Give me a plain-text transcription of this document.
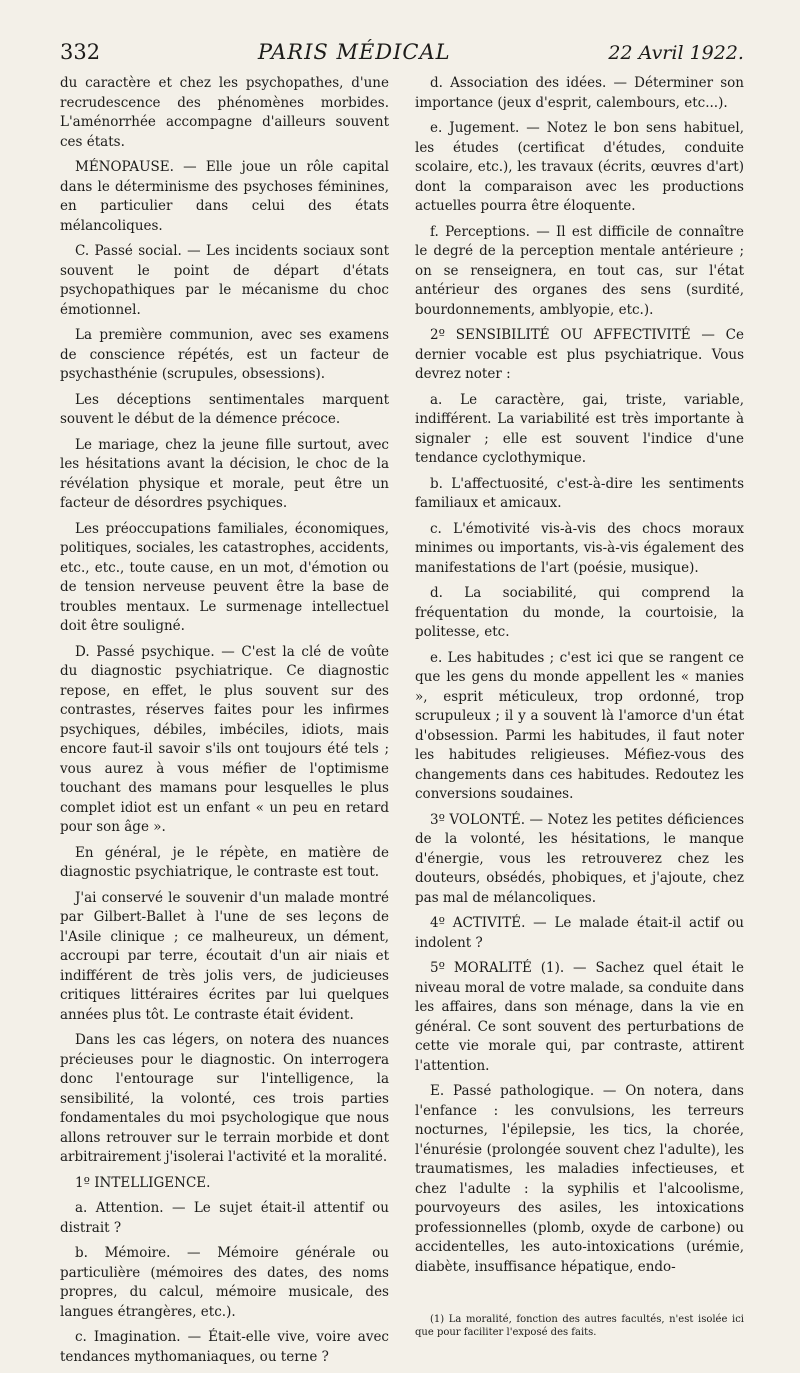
332	PARIS MÉDICAL	22 Avril 1922.

du caractère et chez les psychopathes, d'une recrudescence des phénomènes morbides. L'aménorrhée accompagne d'ailleurs souvent ces états.

MÉNOPAUSE. — Elle joue un rôle capital dans le déterminisme des psychoses féminines, en particulier dans celui des états mélancoliques.

C. Passé social. — Les incidents sociaux sont souvent le point de départ d'états psychopathiques par le mécanisme du choc émotionnel.

La première communion, avec ses examens de conscience répétés, est un facteur de psychasthénie (scrupules, obsessions).

Les déceptions sentimentales marquent souvent le début de la démence précoce.

Le mariage, chez la jeune fille surtout, avec les hésitations avant la décision, le choc de la révélation physique et morale, peut être un facteur de désordres psychiques.

Les préoccupations familiales, économiques, politiques, sociales, les catastrophes, accidents, etc., etc., toute cause, en un mot, d'émotion ou de tension nerveuse peuvent être la base de troubles mentaux. Le surmenage intellectuel doit être souligné.

D. Passé psychique. — C'est la clé de voûte du diagnostic psychiatrique. Ce diagnostic repose, en effet, le plus souvent sur des contrastes, réserves faites pour les infirmes psychiques, débiles, imbéciles, idiots, mais encore faut-il savoir s'ils ont toujours été tels ; vous aurez à vous méfier de l'optimisme touchant des mamans pour lesquelles le plus complet idiot est un enfant « un peu en retard pour son âge ».

En général, je le répète, en matière de diagnostic psychiatrique, le contraste est tout.

J'ai conservé le souvenir d'un malade montré par Gilbert-Ballet à l'une de ses leçons de l'Asile clinique ; ce malheureux, un dément, accroupi par terre, écoutait d'un air niais et indifférent de très jolis vers, de judicieuses critiques littéraires écrites par lui quelques années plus tôt. Le contraste était évident.

Dans les cas légers, on notera des nuances précieuses pour le diagnostic. On interrogera donc l'entourage sur l'intelligence, la sensibilité, la volonté, ces trois parties fondamentales du moi psychologique que nous allons retrouver sur le terrain morbide et dont arbitrairement j'isolerai l'activité et la moralité.

1º INTELLIGENCE.

a. Attention. — Le sujet était-il attentif ou distrait ?

b. Mémoire. — Mémoire générale ou particulière (mémoires des dates, des noms propres, du calcul, mémoire musicale, des langues étrangères, etc.).

c. Imagination. — Était-elle vive, voire avec tendances mythomaniaques, ou terne ?

d. Association des idées. — Déterminer son importance (jeux d'esprit, calembours, etc...).

e. Jugement. — Notez le bon sens habituel, les études (certificat d'études, conduite scolaire, etc.), les travaux (écrits, œuvres d'art) dont la comparaison avec les productions actuelles pourra être éloquente.

f. Perceptions. — Il est difficile de connaître le degré de la perception mentale antérieure ; on se renseignera, en tout cas, sur l'état antérieur des organes des sens (surdité, bourdonnements, amblyopie, etc.).

2º SENSIBILITÉ OU AFFECTIVITÉ — Ce dernier vocable est plus psychiatrique. Vous devrez noter :

a. Le caractère, gai, triste, variable, indifférent. La variabilité est très importante à signaler ; elle est souvent l'indice d'une tendance cyclothymique.

b. L'affectuosité, c'est-à-dire les sentiments familiaux et amicaux.

c. L'émotivité vis-à-vis des chocs moraux minimes ou importants, vis-à-vis également des manifestations de l'art (poésie, musique).

d. La sociabilité, qui comprend la fréquentation du monde, la courtoisie, la politesse, etc.

e. Les habitudes ; c'est ici que se rangent ce que les gens du monde appellent les « manies », esprit méticuleux, trop ordonné, trop scrupuleux ; il y a souvent là l'amorce d'un état d'obsession. Parmi les habitudes, il faut noter les habitudes religieuses. Méfiez-vous des changements dans ces habitudes. Redoutez les conversions soudaines.

3º VOLONTÉ. — Notez les petites déficiences de la volonté, les hésitations, le manque d'énergie, vous les retrouverez chez les douteurs, obsédés, phobiques, et j'ajoute, chez pas mal de mélancoliques.

4º ACTIVITÉ. — Le malade était-il actif ou indolent ?

5º MORALITÉ (1). — Sachez quel était le niveau moral de votre malade, sa conduite dans les affaires, dans son ménage, dans la vie en général. Ce sont souvent des perturbations de cette vie morale qui, par contraste, attirent l'attention.

E. Passé pathologique. — On notera, dans l'enfance : les convulsions, les terreurs nocturnes, l'épilepsie, les tics, la chorée, l'énurésie (prolongée souvent chez l'adulte), les traumatismes, les maladies infectieuses, et chez l'adulte : la syphilis et l'alcoolisme, pourvoyeurs des asiles, les intoxications professionnelles (plomb, oxyde de carbone) ou accidentelles, les auto-intoxications (urémie, diabète, insuffisance hépatique, endo-

(1) La moralité, fonction des autres facultés, n'est isolée ici que pour faciliter l'exposé des faits.
